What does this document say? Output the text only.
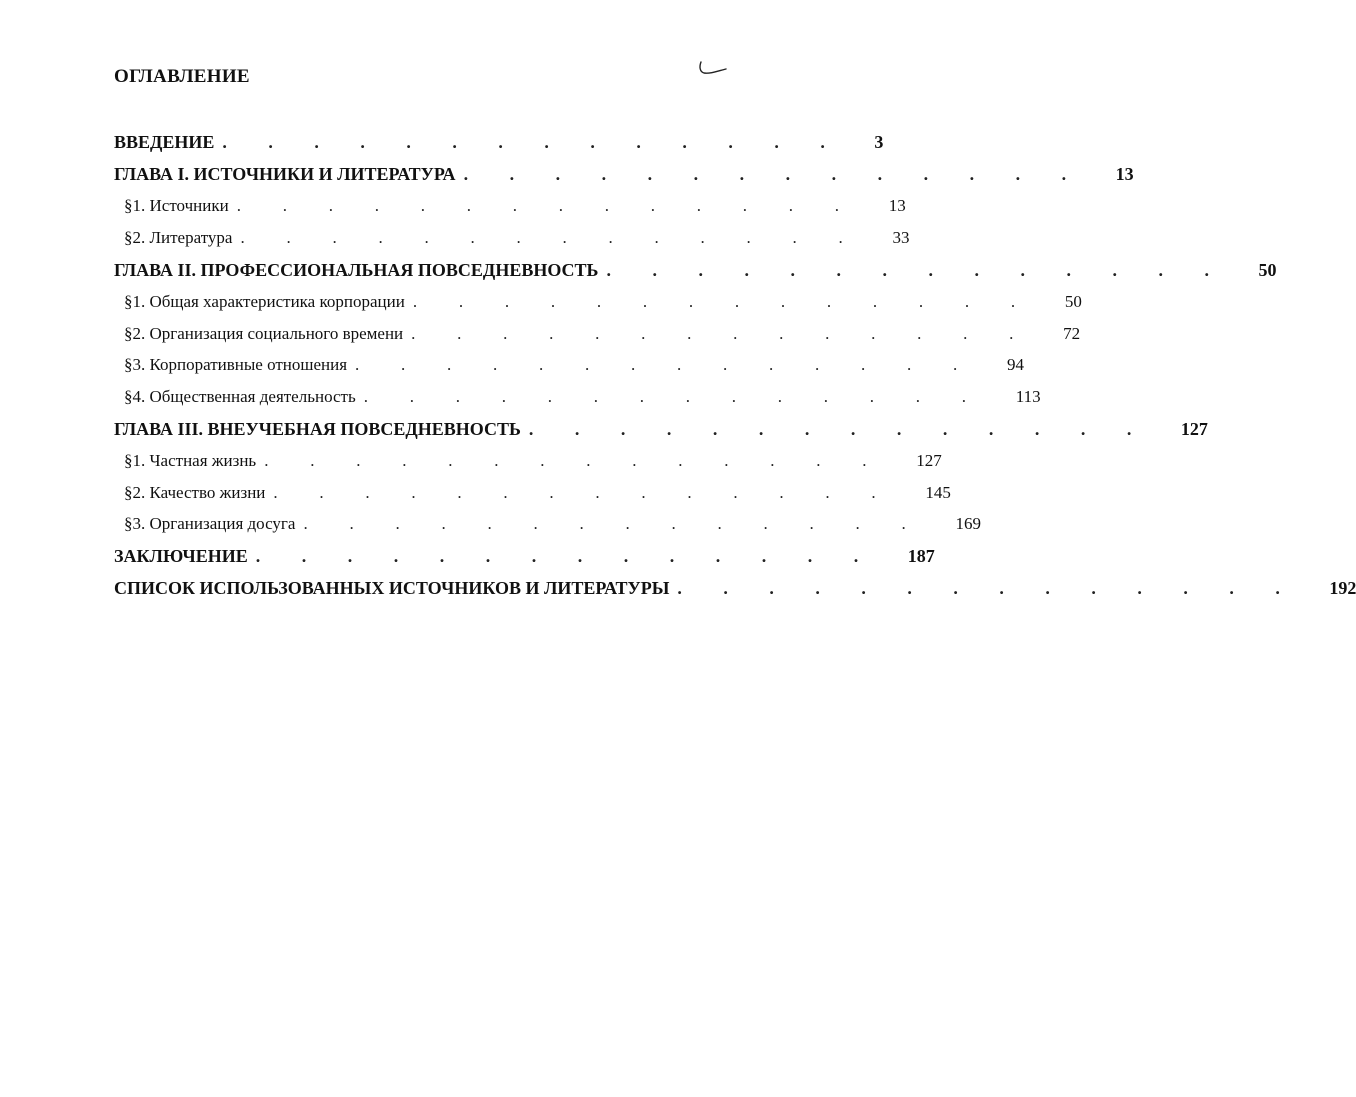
ОГЛАВЛЕНИЕ
ВВЕДЕНИЕ . . . . . . . . . . . . . .	3
ГЛАВА I. ИСТОЧНИКИ И ЛИТЕРАТУРА . . . . . . . . . . . . . .	13
§1. Источники . . . . . . . . . . . . . .	13
§2. Литература . . . . . . . . . . . . . .	33
ГЛАВА II. ПРОФЕССИОНАЛЬНАЯ ПОВСЕДНЕВНОСТЬ . . . . . . . . . . . . . .	50
§1. Общая характеристика корпорации . . . . . . . . . . . . . .	50
§2. Организация социального времени . . . . . . . . . . . . . .	72
§3. Корпоративные отношения . . . . . . . . . . . . . .	94
§4. Общественная деятельность . . . . . . . . . . . . . .	113
ГЛАВА III. ВНЕУЧЕБНАЯ ПОВСЕДНЕВНОСТЬ . . . . . . . . . . . . . .	127
§1. Частная жизнь . . . . . . . . . . . . . .	127
§2. Качество жизни . . . . . . . . . . . . . .	145
§3. Организация досуга . . . . . . . . . . . . . .	169
ЗАКЛЮЧЕНИЕ . . . . . . . . . . . . . .	187
СПИСОК ИСПОЛЬЗОВАННЫХ ИСТОЧНИКОВ И ЛИТЕРАТУРЫ . . . . . . . . . . . . . .	192
